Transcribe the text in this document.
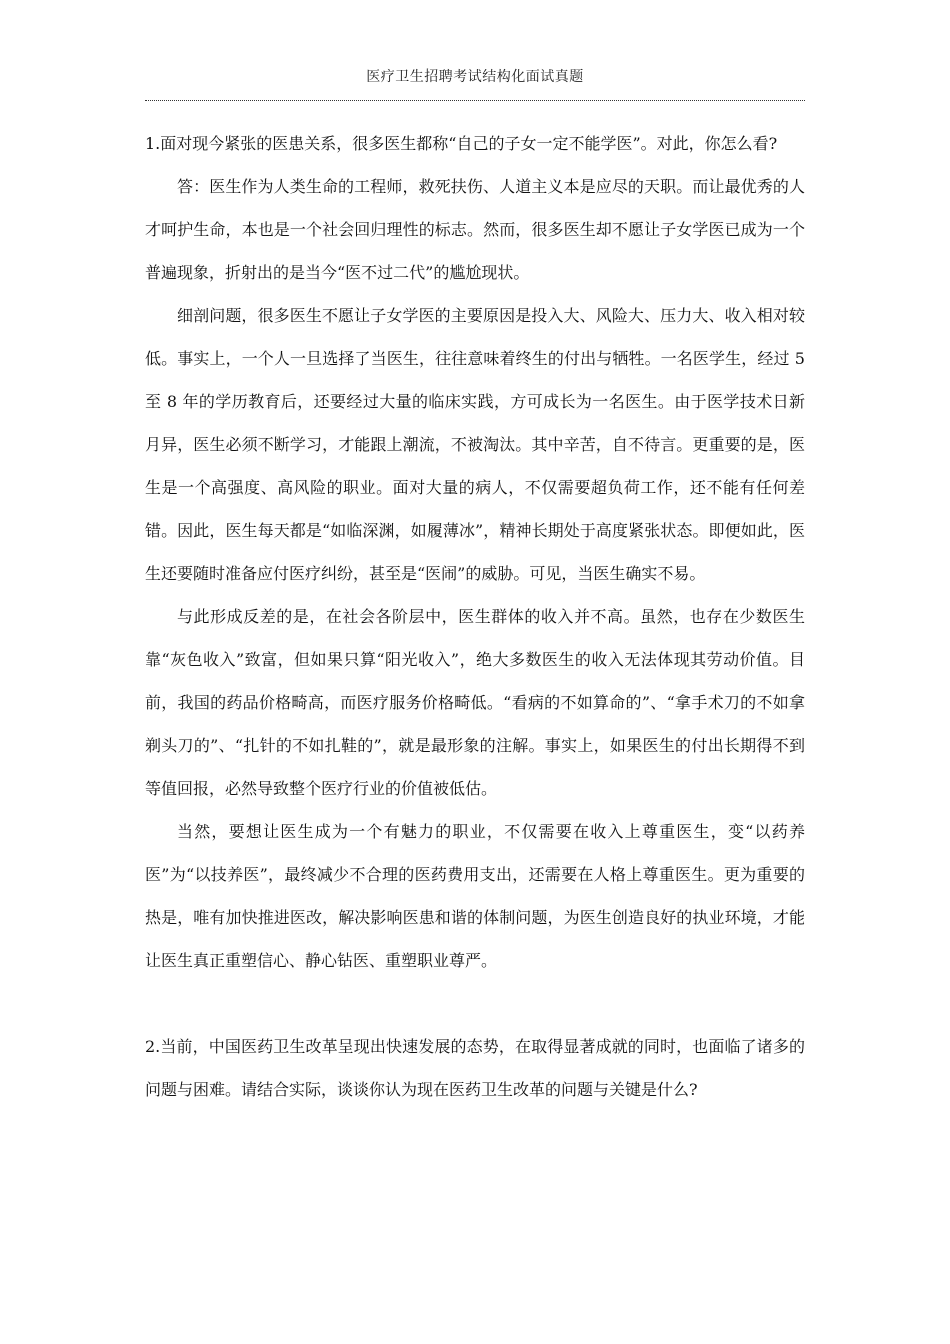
医疗卫生招聘考试结构化面试真题

1.面对现今紧张的医患关系，很多医生都称“自己的子女一定不能学医”。对此，你怎么看?

答：医生作为人类生命的工程师，救死扶伤、人道主义本是应尽的天职。而让最优秀的人才呵护生命，本也是一个社会回归理性的标志。然而，很多医生却不愿让子女学医已成为一个普遍现象，折射出的是当今“医不过二代”的尴尬现状。

细剖问题，很多医生不愿让子女学医的主要原因是投入大、风险大、压力大、收入相对较低。事实上，一个人一旦选择了当医生，往往意味着终生的付出与牺牲。一名医学生，经过 5 至 8 年的学历教育后，还要经过大量的临床实践，方可成长为一名医生。由于医学技术日新月异，医生必须不断学习，才能跟上潮流，不被淘汰。其中辛苦，自不待言。更重要的是，医生是一个高强度、高风险的职业。面对大量的病人，不仅需要超负荷工作，还不能有任何差错。因此，医生每天都是“如临深渊，如履薄冰”，精神长期处于高度紧张状态。即便如此，医生还要随时准备应付医疗纠纷，甚至是“医闹”的威胁。可见，当医生确实不易。

与此形成反差的是，在社会各阶层中，医生群体的收入并不高。虽然，也存在少数医生靠“灰色收入”致富，但如果只算“阳光收入”，绝大多数医生的收入无法体现其劳动价值。目前，我国的药品价格畸高，而医疗服务价格畸低。“看病的不如算命的”、“拿手术刀的不如拿剃头刀的”、“扎针的不如扎鞋的”，就是最形象的注解。事实上，如果医生的付出长期得不到等值回报，必然导致整个医疗行业的价值被低估。

当然，要想让医生成为一个有魅力的职业，不仅需要在收入上尊重医生，变“以药养医”为“以技养医”，最终减少不合理的医药费用支出，还需要在人格上尊重医生。更为重要的热是，唯有加快推进医改，解决影响医患和谐的体制问题，为医生创造良好的执业环境，才能让医生真正重塑信心、静心钻医、重塑职业尊严。

2.当前，中国医药卫生改革呈现出快速发展的态势，在取得显著成就的同时，也面临了诸多的问题与困难。请结合实际，谈谈你认为现在医药卫生改革的问题与关键是什么?
